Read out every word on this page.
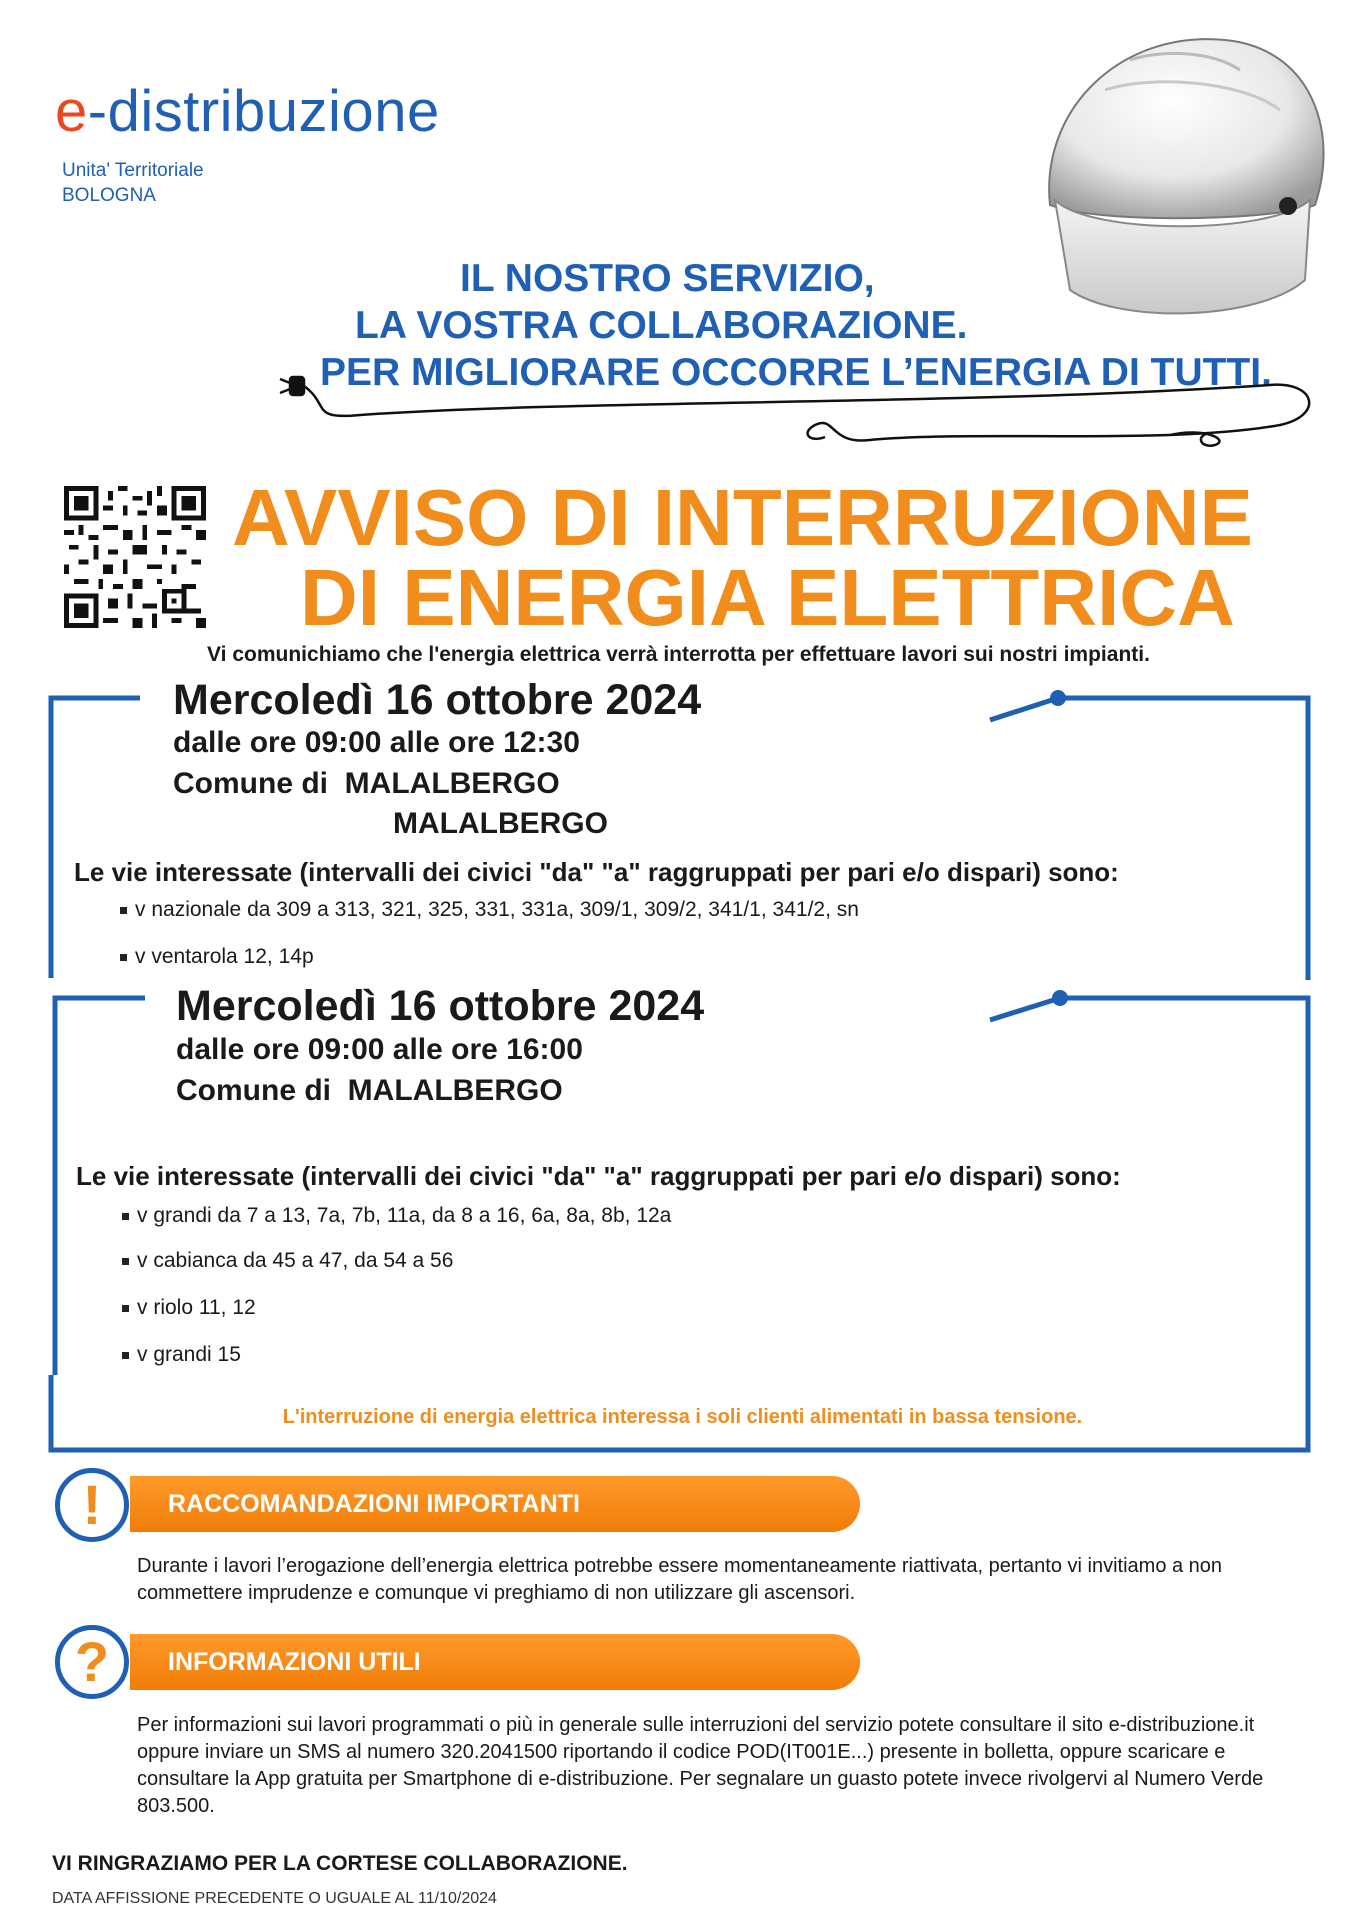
e-distribuzione
Unita' Territoriale
BOLOGNA
IL NOSTRO SERVIZIO,
LA VOSTRA COLLABORAZIONE.
PER MIGLIORARE OCCORRE L’ENERGIA DI TUTTI.
AVVISO DI INTERRUZIONE
DI ENERGIA ELETTRICA
Vi comunichiamo che l'energia elettrica verrà interrotta per effettuare lavori sui nostri impianti.
Mercoledì 16 ottobre 2024
dalle ore 09:00 alle ore 12:30
Comune di MALALBERGO
MALALBERGO
Le vie interessate (intervalli dei civici "da" "a" raggruppati per pari e/o dispari) sono:
v nazionale da 309 a 313, 321, 325, 331, 331a, 309/1, 309/2, 341/1, 341/2, sn
v ventarola 12, 14p
Mercoledì 16 ottobre 2024
dalle ore 09:00 alle ore 16:00
Comune di MALALBERGO
Le vie interessate (intervalli dei civici "da" "a" raggruppati per pari e/o dispari) sono:
v grandi da 7 a 13, 7a, 7b, 11a, da 8 a 16, 6a, 8a, 8b, 12a
v cabianca da 45 a 47, da 54 a 56
v riolo 11, 12
v grandi 15
L'interruzione di energia elettrica interessa i soli clienti alimentati in bassa tensione.
RACCOMANDAZIONI IMPORTANTI
!
Durante i lavori l’erogazione dell’energia elettrica potrebbe essere momentaneamente riattivata, pertanto vi invitiamo a non commettere imprudenze e comunque vi preghiamo di non utilizzare gli ascensori.
INFORMAZIONI UTILI
?
Per informazioni sui lavori programmati o più in generale sulle interruzioni del servizio potete consultare il sito e-distribuzione.it oppure inviare un SMS al numero 320.2041500 riportando il codice POD(IT001E...) presente in bolletta, oppure scaricare e consultare la App gratuita per Smartphone di e-distribuzione. Per segnalare un guasto potete invece rivolgervi al Numero Verde 803.500.
VI RINGRAZIAMO PER LA CORTESE COLLABORAZIONE.
DATA AFFISSIONE PRECEDENTE O UGUALE AL 11/10/2024
